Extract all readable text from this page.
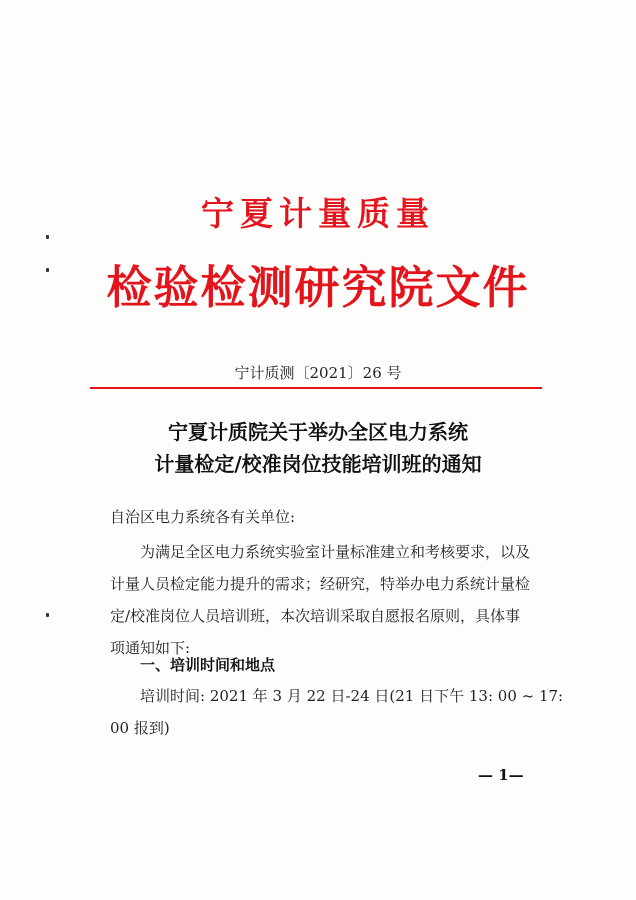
宁夏计量质量
检验检测研究院文件
宁计质测〔2021〕26 号
宁夏计质院关于举办全区电力系统
计量检定/校准岗位技能培训班的通知
自治区电力系统各有关单位:
为满足全区电力系统实验室计量标准建立和考核要求，以及
计量人员检定能力提升的需求；经研究，特举办电力系统计量检
定/校准岗位人员培训班，本次培训采取自愿报名原则，具体事
项通知如下:
一、培训时间和地点
培训时间: 2021 年 3 月 22 日-24 日(21 日下午 13: 00 ~ 17:
00 报到)
— 1—
